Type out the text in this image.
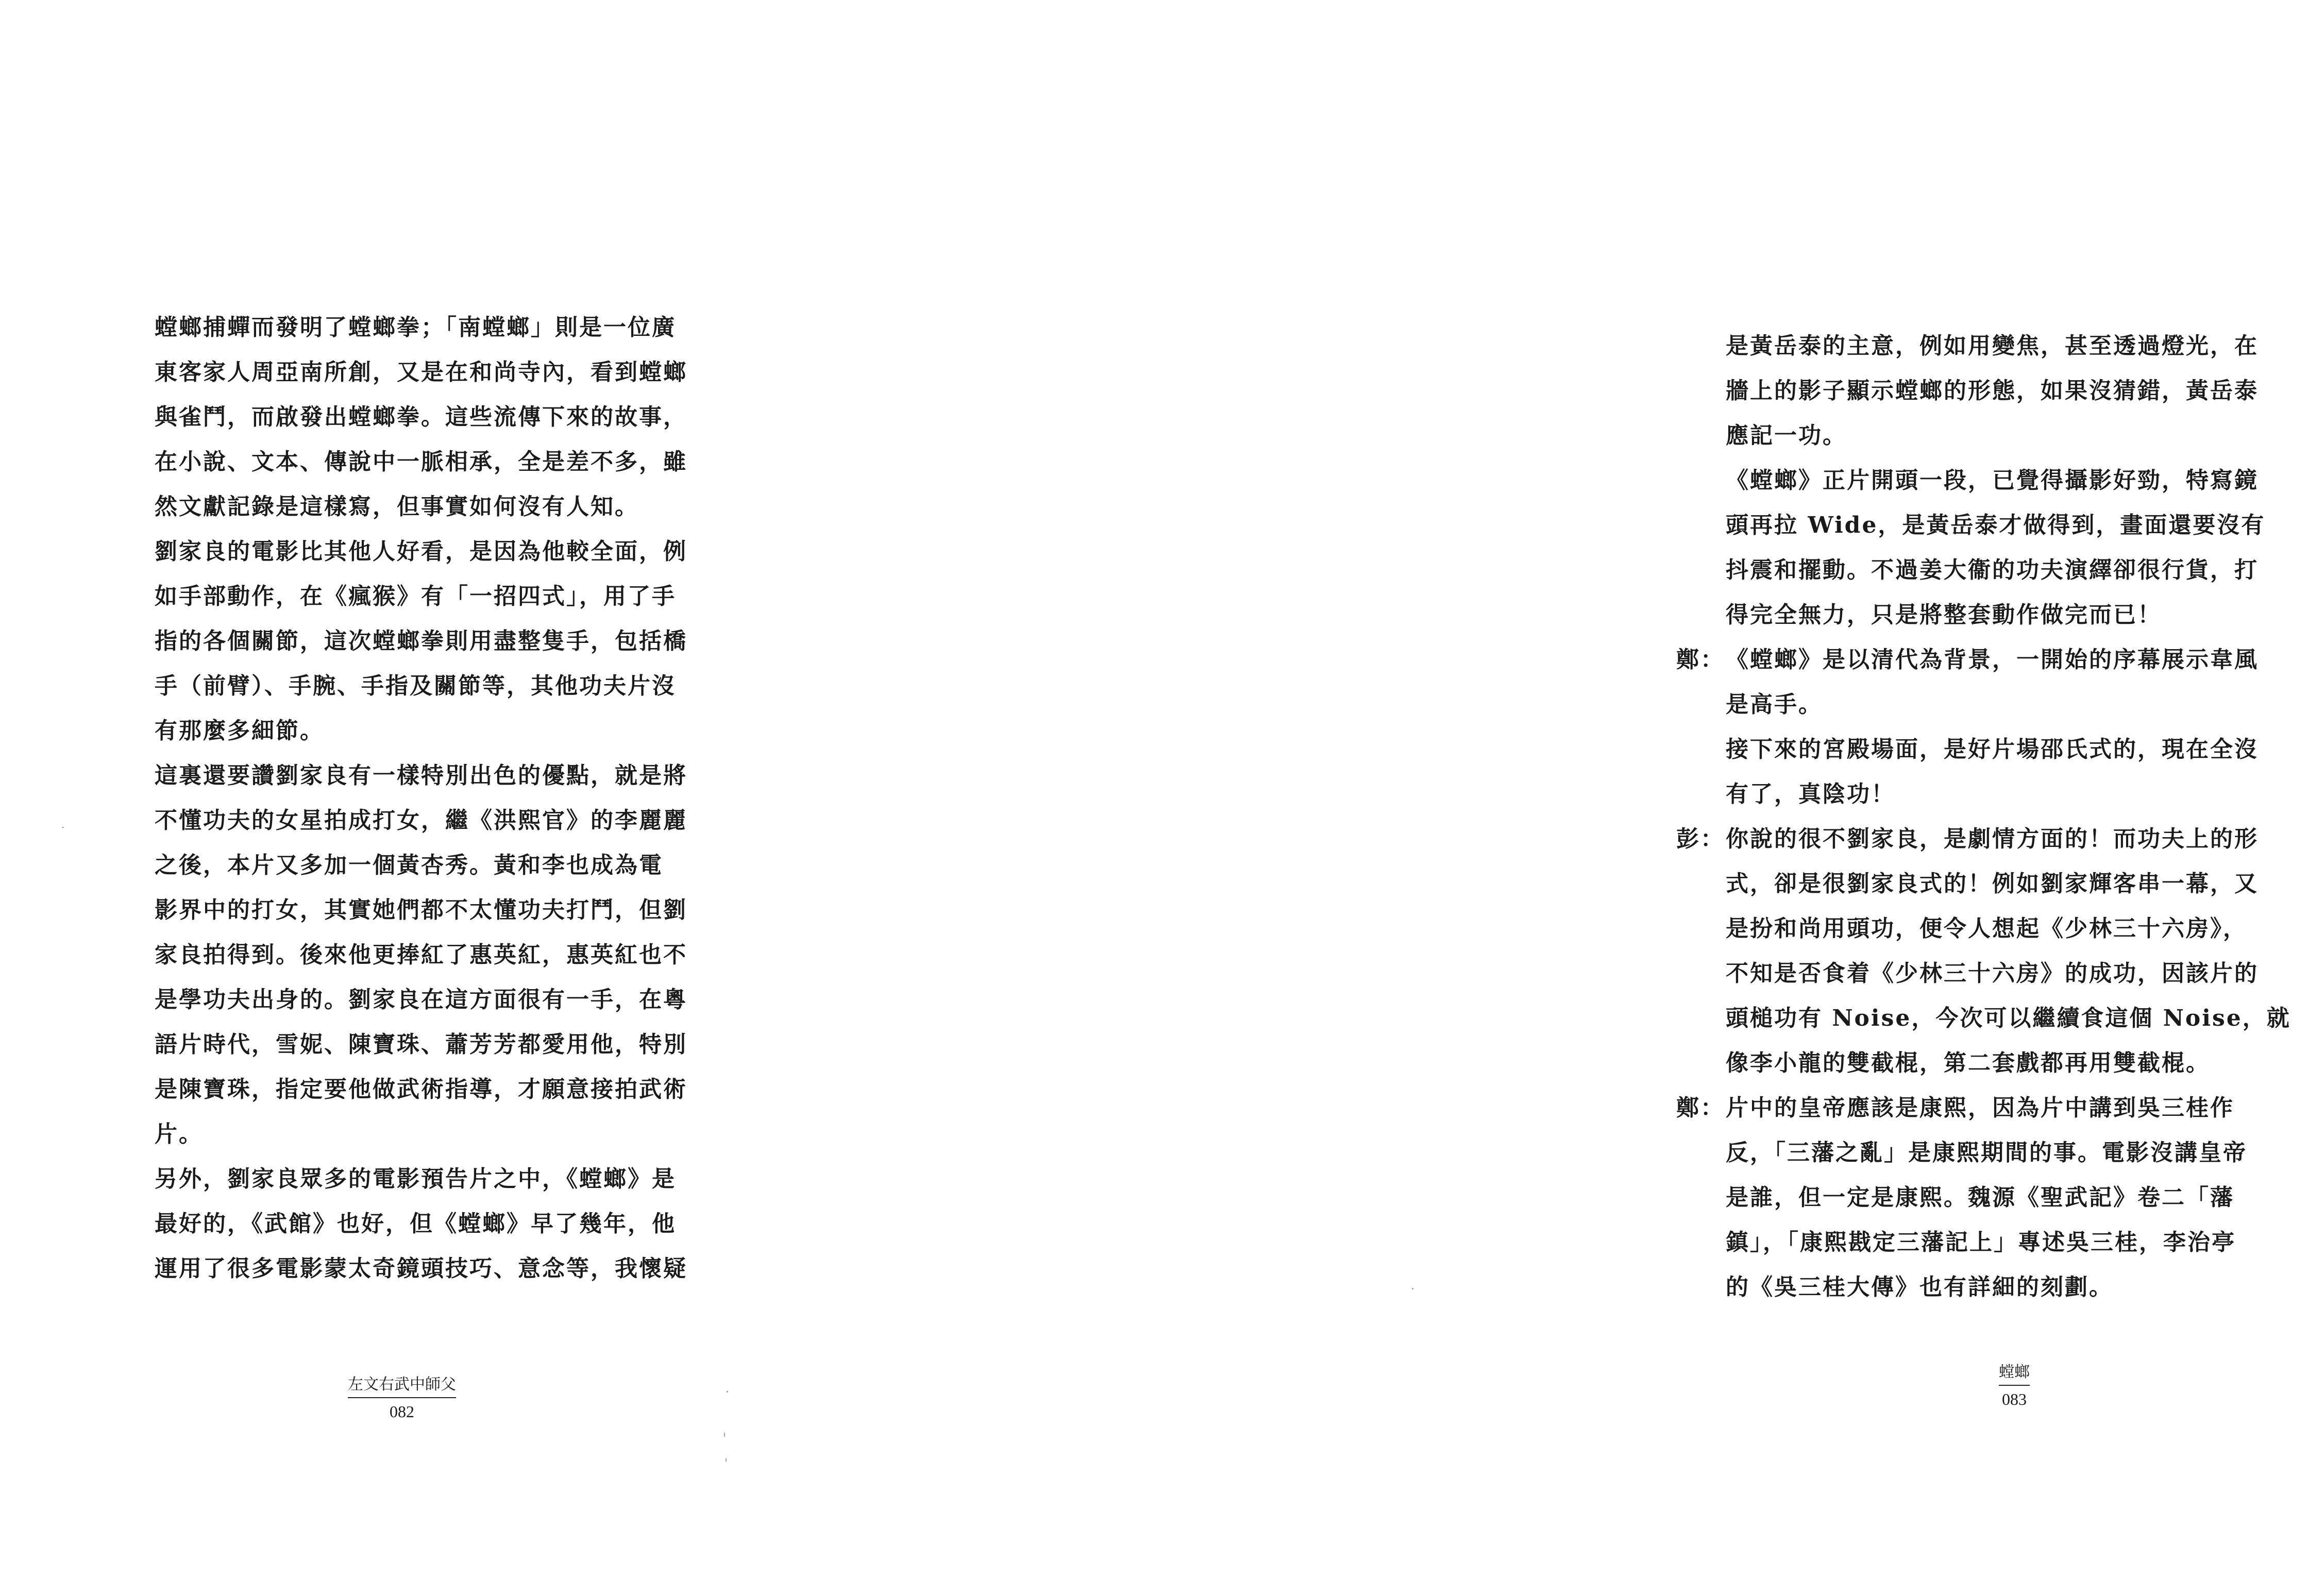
螳螂捕蟬而發明了螳螂拳；「南螳螂」則是一位廣
東客家人周亞南所創，又是在和尚寺內，看到螳螂
與雀鬥，而啟發出螳螂拳。這些流傳下來的故事，
在小說、文本、傳說中一脈相承，全是差不多，雖
然文獻記錄是這樣寫，但事實如何沒有人知。
劉家良的電影比其他人好看，是因為他較全面，例
如手部動作，在《瘋猴》有「一招四式」，用了手
指的各個關節，這次螳螂拳則用盡整隻手，包括橋
手（前臂）、手腕、手指及關節等，其他功夫片沒
有那麼多細節。
這裏還要讚劉家良有一樣特別出色的優點，就是將
不懂功夫的女星拍成打女，繼《洪熙官》的李麗麗
之後，本片又多加一個黃杏秀。黃和李也成為電
影界中的打女，其實她們都不太懂功夫打鬥，但劉
家良拍得到。後來他更捧紅了惠英紅，惠英紅也不
是學功夫出身的。劉家良在這方面很有一手，在粵
語片時代，雪妮、陳寶珠、蕭芳芳都愛用他，特別
是陳寶珠，指定要他做武術指導，才願意接拍武術
片。
另外，劉家良眾多的電影預告片之中，《螳螂》是
最好的，《武館》也好，但《螳螂》早了幾年，他
運用了很多電影蒙太奇鏡頭技巧、意念等，我懷疑
左文右武中師父
082
是黃岳泰的主意，例如用變焦，甚至透過燈光，在
牆上的影子顯示螳螂的形態，如果沒猜錯，黃岳泰
應記一功。
《螳螂》正片開頭一段，已覺得攝影好勁，特寫鏡
頭再拉 Wide，是黃岳泰才做得到，畫面還要沒有
抖震和擺動。不過姜大衞的功夫演繹卻很行貨，打
得完全無力，只是將整套動作做完而已！
鄭： 《螳螂》是以清代為背景，一開始的序幕展示韋風
是高手。
接下來的宮殿場面，是好片場邵氏式的，現在全沒
有了，真陰功！
彭： 你說的很不劉家良，是劇情方面的！而功夫上的形
式，卻是很劉家良式的！例如劉家輝客串一幕，又
是扮和尚用頭功，便令人想起《少林三十六房》，
不知是否食着《少林三十六房》的成功，因該片的
頭槌功有 Noise，今次可以繼續食這個 Noise，就
像李小龍的雙截棍，第二套戲都再用雙截棍。
鄭： 片中的皇帝應該是康熙，因為片中講到吳三桂作
反，「三藩之亂」是康熙期間的事。電影沒講皇帝
是誰，但一定是康熙。魏源《聖武記》卷二「藩
鎮」，「康熙戡定三藩記上」專述吳三桂，李治亭
的《吳三桂大傳》也有詳細的刻劃。
螳螂
083
